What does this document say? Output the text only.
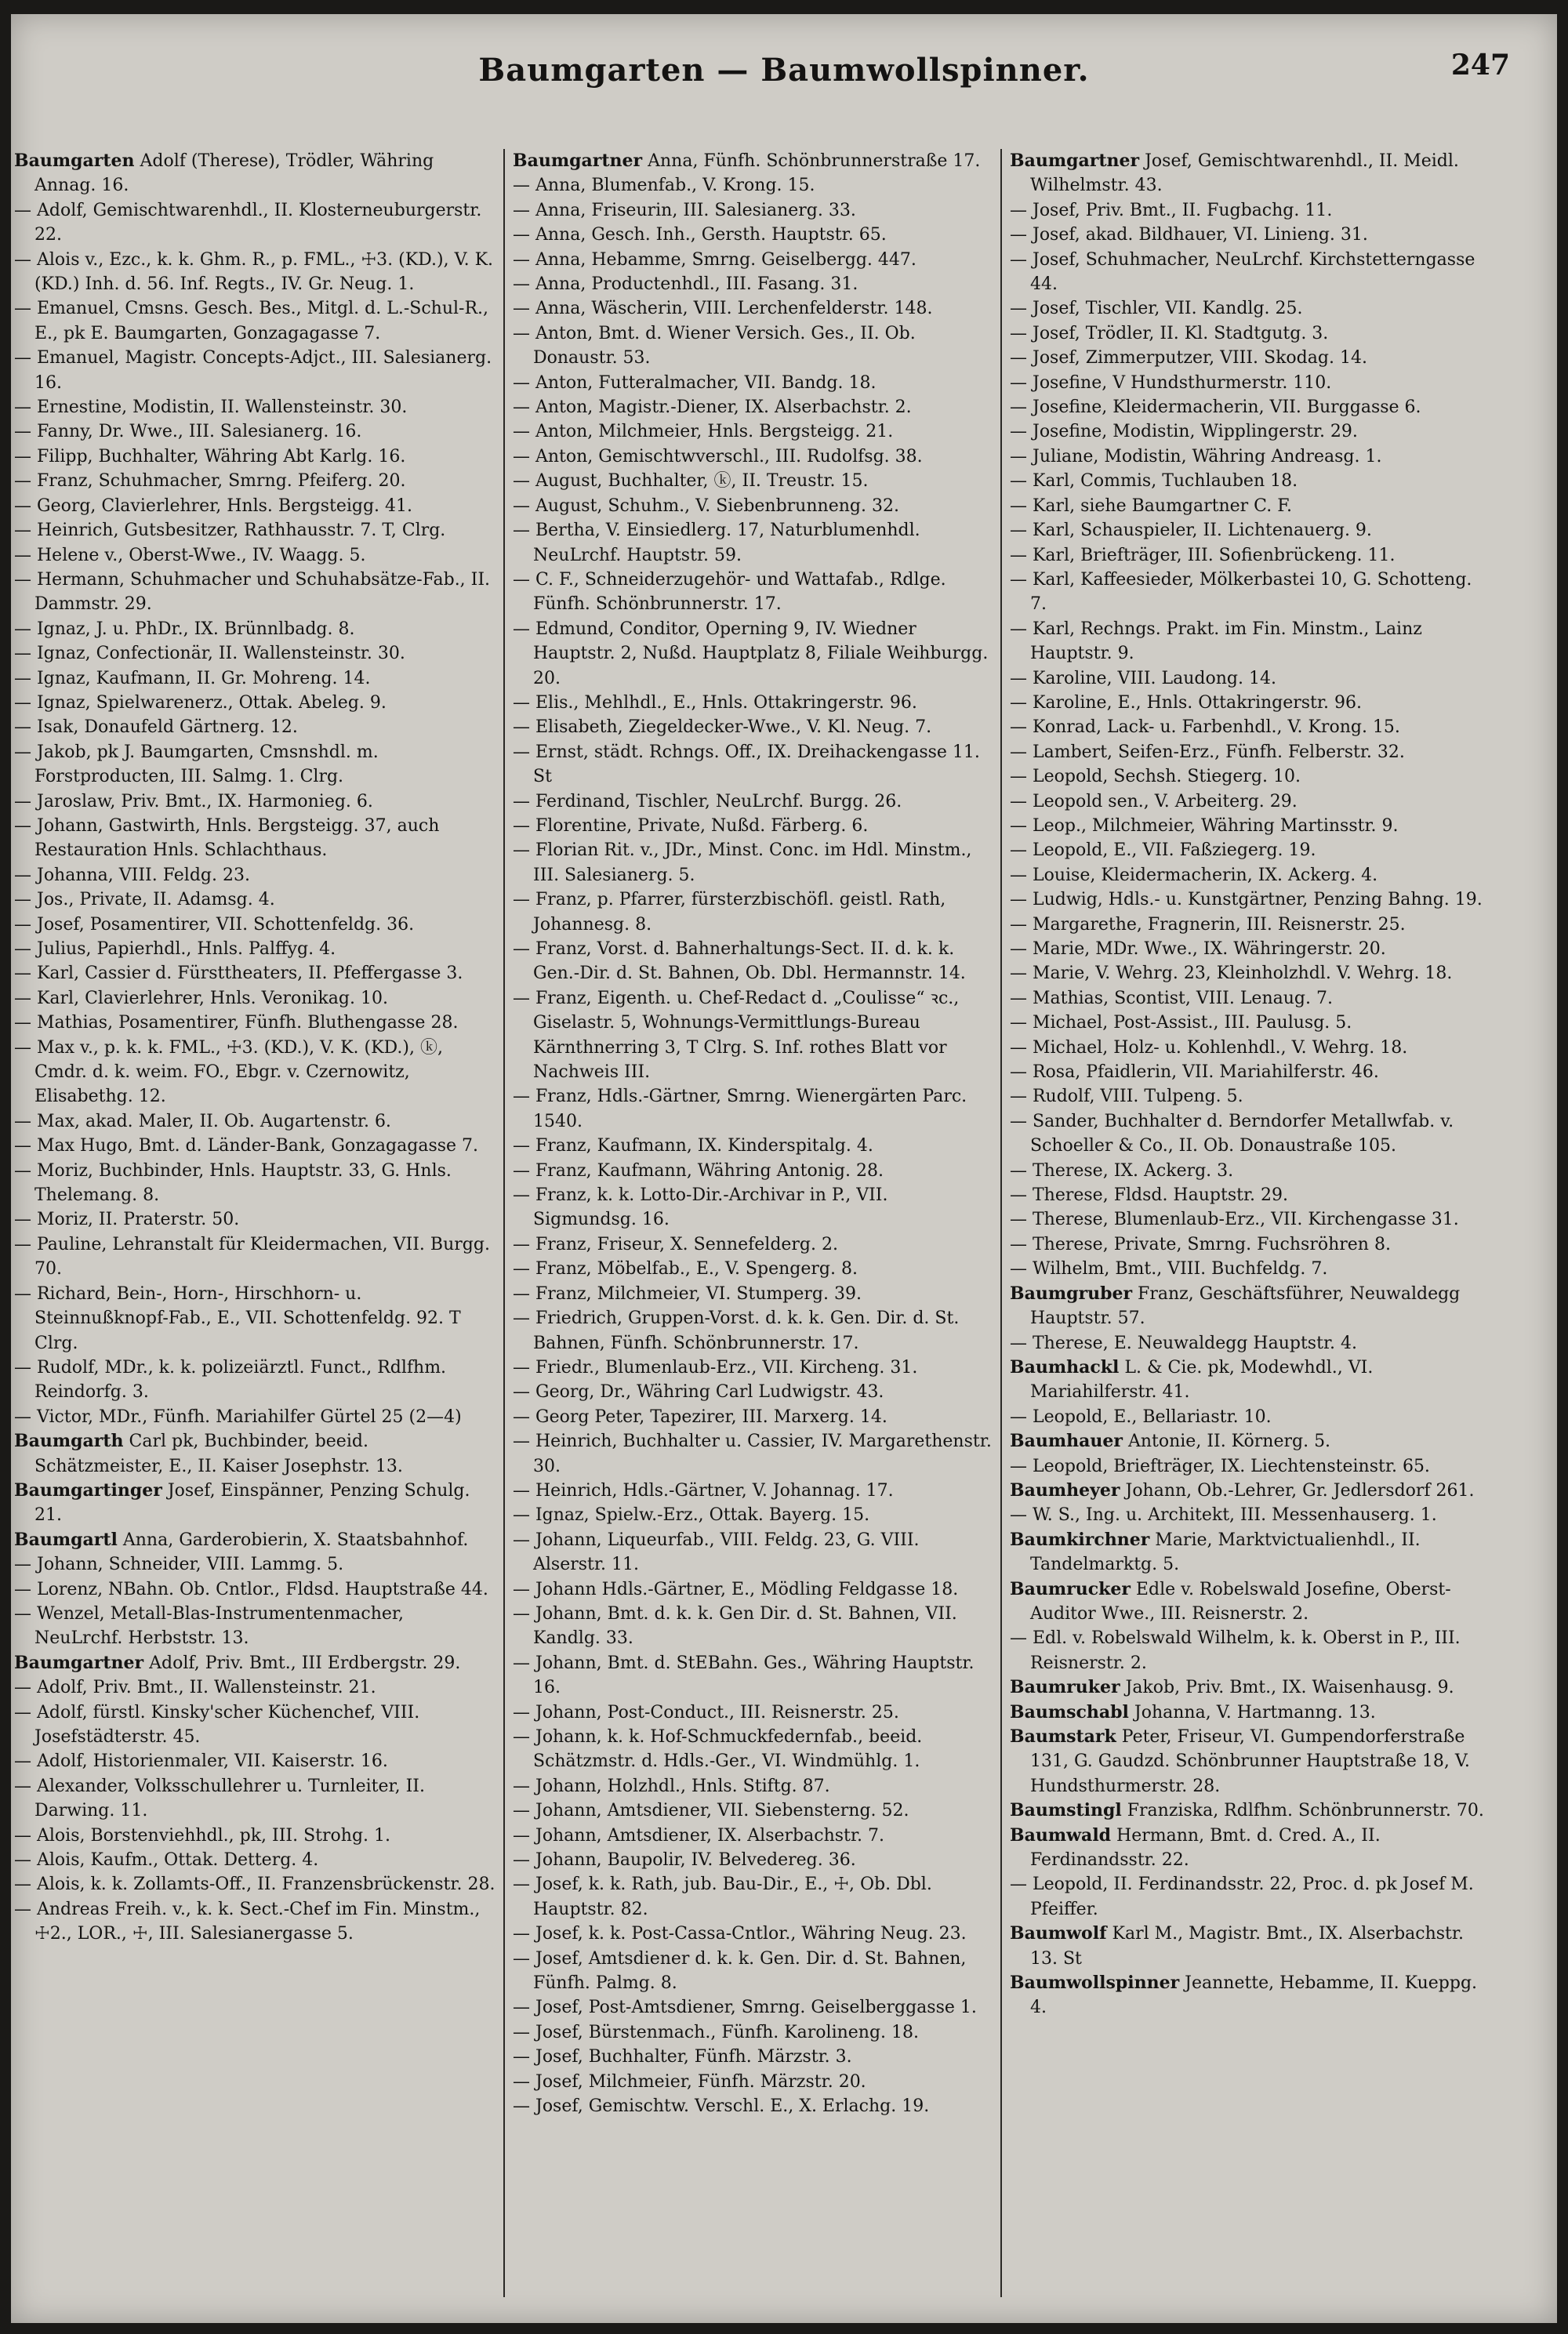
Baumgarten — Baumwollspinner.	247

Baumgarten Adolf (Therese), Trödler, Währing Annag. 16.

— Adolf, Gemischtwarenhdl., II. Klosterneuburgerstr. 22.

— Alois v., Ezc., k. k. Ghm. R., p. FML., ☩3. (KD.), V. K. (KD.) Inh. d. 56. Inf. Regts., IV. Gr. Neug. 1.

— Emanuel, Cmsns. Gesch. Bes., Mitgl. d. L.-Schul-R., E., pk E. Baumgarten, Gonzagagasse 7.

— Emanuel, Magistr. Concepts-Adjct., III. Salesianerg. 16.

— Ernestine, Modistin, II. Wallensteinstr. 30.

— Fanny, Dr. Wwe., III. Salesianerg. 16.

— Filipp, Buchhalter, Währing Abt Karlg. 16.

— Franz, Schuhmacher, Smrng. Pfeiferg. 20.

— Georg, Clavierlehrer, Hnls. Bergsteigg. 41.

— Heinrich, Gutsbesitzer, Rathhausstr. 7. T, Clrg.

— Helene v., Oberst-Wwe., IV. Waagg. 5.

— Hermann, Schuhmacher und Schuhabsätze-Fab., II. Dammstr. 29.

— Ignaz, J. u. PhDr., IX. Brünnlbadg. 8.

— Ignaz, Confectionär, II. Wallensteinstr. 30.

— Ignaz, Kaufmann, II. Gr. Mohreng. 14.

— Ignaz, Spielwarenerz., Ottak. Abeleg. 9.

— Isak, Donaufeld Gärtnerg. 12.

— Jakob, pk J. Baumgarten, Cmsnshdl. m. Forstproducten, III. Salmg. 1. Clrg.

— Jaroslaw, Priv. Bmt., IX. Harmonieg. 6.

— Johann, Gastwirth, Hnls. Bergsteigg. 37, auch Restauration Hnls. Schlachthaus.

— Johanna, VIII. Feldg. 23.

— Jos., Private, II. Adamsg. 4.

— Josef, Posamentirer, VII. Schottenfeldg. 36.

— Julius, Papierhdl., Hnls. Palffyg. 4.

— Karl, Cassier d. Fürsttheaters, II. Pfeffergasse 3.

— Karl, Clavierlehrer, Hnls. Veronikag. 10.

— Mathias, Posamentirer, Fünfh. Bluthengasse 28.

— Max v., p. k. k. FML., ☩3. (KD.), V. K. (KD.), ⓚ, Cmdr. d. k. weim. FO., Ebgr. v. Czernowitz, Elisabethg. 12.

— Max, akad. Maler, II. Ob. Augartenstr. 6.

— Max Hugo, Bmt. d. Länder-Bank, Gonzagagasse 7.

— Moriz, Buchbinder, Hnls. Hauptstr. 33, G. Hnls. Thelemang. 8.

— Moriz, II. Praterstr. 50.

— Pauline, Lehranstalt für Kleidermachen, VII. Burgg. 70.

— Richard, Bein-, Horn-, Hirschhorn- u. Steinnußknopf-Fab., E., VII. Schottenfeldg. 92. T Clrg.

— Rudolf, MDr., k. k. polizeiärztl. Funct., Rdlfhm. Reindorfg. 3.

— Victor, MDr., Fünfh. Mariahilfer Gürtel 25 (2—4)

Baumgarth Carl pk, Buchbinder, beeid. Schätzmeister, E., II. Kaiser Josephstr. 13.

Baumgartinger Josef, Einspänner, Penzing Schulg. 21.

Baumgartl Anna, Garderobierin, X. Staatsbahnhof.

— Johann, Schneider, VIII. Lammg. 5.

— Lorenz, NBahn. Ob. Cntlor., Fldsd. Hauptstraße 44.

— Wenzel, Metall-Blas-Instrumentenmacher, NeuLrchf. Herbststr. 13.

Baumgartner Adolf, Priv. Bmt., III Erdbergstr. 29.

— Adolf, Priv. Bmt., II. Wallensteinstr. 21.

— Adolf, fürstl. Kinsky'scher Küchenchef, VIII. Josefstädterstr. 45.

— Adolf, Historienmaler, VII. Kaiserstr. 16.

— Alexander, Volksschullehrer u. Turnleiter, II. Darwing. 11.

— Alois, Borstenviehhdl., pk, III. Strohg. 1.

— Alois, Kaufm., Ottak. Detterg. 4.

— Alois, k. k. Zollamts-Off., II. Franzensbrückenstr. 28.

— Andreas Freih. v., k. k. Sect.-Chef im Fin. Minstm., ☩2., LOR., ☩, III. Salesianergasse 5.

Baumgartner Anna, Fünfh. Schönbrunnerstraße 17.

— Anna, Blumenfab., V. Krong. 15.

— Anna, Friseurin, III. Salesianerg. 33.

— Anna, Gesch. Inh., Gersth. Hauptstr. 65.

— Anna, Hebamme, Smrng. Geiselbergg. 447.

— Anna, Productenhdl., III. Fasang. 31.

— Anna, Wäscherin, VIII. Lerchenfelderstr. 148.

— Anton, Bmt. d. Wiener Versich. Ges., II. Ob. Donaustr. 53.

— Anton, Futteralmacher, VII. Bandg. 18.

— Anton, Magistr.-Diener, IX. Alserbachstr. 2.

— Anton, Milchmeier, Hnls. Bergsteigg. 21.

— Anton, Gemischtwverschl., III. Rudolfsg. 38.

— August, Buchhalter, ⓚ, II. Treustr. 15.

— August, Schuhm., V. Siebenbrunneng. 32.

— Bertha, V. Einsiedlerg. 17, Naturblumenhdl. NeuLrchf. Hauptstr. 59.

— C. F., Schneiderzugehör- und Wattafab., Rdlge. Fünfh. Schönbrunnerstr. 17.

— Edmund, Conditor, Operning 9, IV. Wiedner Hauptstr. 2, Nußd. Hauptplatz 8, Filiale Weihburgg. 20.

— Elis., Mehlhdl., E., Hnls. Ottakringerstr. 96.

— Elisabeth, Ziegeldecker-Wwe., V. Kl. Neug. 7.

— Ernst, städt. Rchngs. Off., IX. Dreihackengasse 11. St

— Ferdinand, Tischler, NeuLrchf. Burgg. 26.

— Florentine, Private, Nußd. Färberg. 6.

— Florian Rit. v., JDr., Minst. Conc. im Hdl. Minstm., III. Salesianerg. 5.

— Franz, p. Pfarrer, fürsterzbischöfl. geistl. Rath, Johannesg. 8.

— Franz, Vorst. d. Bahnerhaltungs-Sect. II. d. k. k. Gen.-Dir. d. St. Bahnen, Ob. Dbl. Hermannstr. 14.

— Franz, Eigenth. u. Chef-Redact d. „Coulisse“ ꝛc., Giselastr. 5, Wohnungs-Vermittlungs-Bureau Kärnthnerring 3, T Clrg. S. Inf. rothes Blatt vor Nachweis III.

— Franz, Hdls.-Gärtner, Smrng. Wienergärten Parc. 1540.

— Franz, Kaufmann, IX. Kinderspitalg. 4.

— Franz, Kaufmann, Währing Antonig. 28.

— Franz, k. k. Lotto-Dir.-Archivar in P., VII. Sigmundsg. 16.

— Franz, Friseur, X. Sennefelderg. 2.

— Franz, Möbelfab., E., V. Spengerg. 8.

— Franz, Milchmeier, VI. Stumperg. 39.

— Friedrich, Gruppen-Vorst. d. k. k. Gen. Dir. d. St. Bahnen, Fünfh. Schönbrunnerstr. 17.

— Friedr., Blumenlaub-Erz., VII. Kircheng. 31.

— Georg, Dr., Währing Carl Ludwigstr. 43.

— Georg Peter, Tapezirer, III. Marxerg. 14.

— Heinrich, Buchhalter u. Cassier, IV. Margarethenstr. 30.

— Heinrich, Hdls.-Gärtner, V. Johannag. 17.

— Ignaz, Spielw.-Erz., Ottak. Bayerg. 15.

— Johann, Liqueurfab., VIII. Feldg. 23, G. VIII. Alserstr. 11.

— Johann Hdls.-Gärtner, E., Mödling Feldgasse 18.

— Johann, Bmt. d. k. k. Gen Dir. d. St. Bahnen, VII. Kandlg. 33.

— Johann, Bmt. d. StEBahn. Ges., Währing Hauptstr. 16.

— Johann, Post-Conduct., III. Reisnerstr. 25.

— Johann, k. k. Hof-Schmuckfedernfab., beeid. Schätzmstr. d. Hdls.-Ger., VI. Windmühlg. 1.

— Johann, Holzhdl., Hnls. Stiftg. 87.

— Johann, Amtsdiener, VII. Siebensterng. 52.

— Johann, Amtsdiener, IX. Alserbachstr. 7.

— Johann, Baupolir, IV. Belvedereg. 36.

— Josef, k. k. Rath, jub. Bau-Dir., E., ☩, Ob. Dbl. Hauptstr. 82.

— Josef, k. k. Post-Cassa-Cntlor., Währing Neug. 23.

— Josef, Amtsdiener d. k. k. Gen. Dir. d. St. Bahnen, Fünfh. Palmg. 8.

— Josef, Post-Amtsdiener, Smrng. Geiselberggasse 1.

— Josef, Bürstenmach., Fünfh. Karolineng. 18.

— Josef, Buchhalter, Fünfh. Märzstr. 3.

— Josef, Milchmeier, Fünfh. Märzstr. 20.

— Josef, Gemischtw. Verschl. E., X. Erlachg. 19.

Baumgartner Josef, Gemischtwarenhdl., II. Meidl. Wilhelmstr. 43.

— Josef, Priv. Bmt., II. Fugbachg. 11.

— Josef, akad. Bildhauer, VI. Linieng. 31.

— Josef, Schuhmacher, NeuLrchf. Kirchstetterngasse 44.

— Josef, Tischler, VII. Kandlg. 25.

— Josef, Trödler, II. Kl. Stadtgutg. 3.

— Josef, Zimmerputzer, VIII. Skodag. 14.

— Josefine, V Hundsthurmerstr. 110.

— Josefine, Kleidermacherin, VII. Burggasse 6.

— Josefine, Modistin, Wipplingerstr. 29.

— Juliane, Modistin, Währing Andreasg. 1.

— Karl, Commis, Tuchlauben 18.

— Karl, siehe Baumgartner C. F.

— Karl, Schauspieler, II. Lichtenauerg. 9.

— Karl, Briefträger, III. Sofienbrückeng. 11.

— Karl, Kaffeesieder, Mölkerbastei 10, G. Schotteng. 7.

— Karl, Rechngs. Prakt. im Fin. Minstm., Lainz Hauptstr. 9.

— Karoline, VIII. Laudong. 14.

— Karoline, E., Hnls. Ottakringerstr. 96.

— Konrad, Lack- u. Farbenhdl., V. Krong. 15.

— Lambert, Seifen-Erz., Fünfh. Felberstr. 32.

— Leopold, Sechsh. Stiegerg. 10.

— Leopold sen., V. Arbeiterg. 29.

— Leop., Milchmeier, Währing Martinsstr. 9.

— Leopold, E., VII. Faßziegerg. 19.

— Louise, Kleidermacherin, IX. Ackerg. 4.

— Ludwig, Hdls.- u. Kunstgärtner, Penzing Bahng. 19.

— Margarethe, Fragnerin, III. Reisnerstr. 25.

— Marie, MDr. Wwe., IX. Währingerstr. 20.

— Marie, V. Wehrg. 23, Kleinholzhdl. V. Wehrg. 18.

— Mathias, Scontist, VIII. Lenaug. 7.

— Michael, Post-Assist., III. Paulusg. 5.

— Michael, Holz- u. Kohlenhdl., V. Wehrg. 18.

— Rosa, Pfaidlerin, VII. Mariahilferstr. 46.

— Rudolf, VIII. Tulpeng. 5.

— Sander, Buchhalter d. Berndorfer Metallwfab. v. Schoeller & Co., II. Ob. Donaustraße 105.

— Therese, IX. Ackerg. 3.

— Therese, Fldsd. Hauptstr. 29.

— Therese, Blumenlaub-Erz., VII. Kirchengasse 31.

— Therese, Private, Smrng. Fuchsröhren 8.

— Wilhelm, Bmt., VIII. Buchfeldg. 7.

Baumgruber Franz, Geschäftsführer, Neuwaldegg Hauptstr. 57.

— Therese, E. Neuwaldegg Hauptstr. 4.

Baumhackl L. & Cie. pk, Modewhdl., VI. Mariahilferstr. 41.

— Leopold, E., Bellariastr. 10.

Baumhauer Antonie, II. Körnerg. 5.

— Leopold, Briefträger, IX. Liechtensteinstr. 65.

Baumheyer Johann, Ob.-Lehrer, Gr. Jedlersdorf 261.

— W. S., Ing. u. Architekt, III. Messenhauserg. 1.

Baumkirchner Marie, Marktvictualienhdl., II. Tandelmarktg. 5.

Baumrucker Edle v. Robelswald Josefine, Oberst-Auditor Wwe., III. Reisnerstr. 2.

— Edl. v. Robelswald Wilhelm, k. k. Oberst in P., III. Reisnerstr. 2.

Baumruker Jakob, Priv. Bmt., IX. Waisenhausg. 9.

Baumschabl Johanna, V. Hartmanng. 13.

Baumstark Peter, Friseur, VI. Gumpendorferstraße 131, G. Gaudzd. Schönbrunner Hauptstraße 18, V. Hundsthurmerstr. 28.

Baumstingl Franziska, Rdlfhm. Schönbrunnerstr. 70.

Baumwald Hermann, Bmt. d. Cred. A., II. Ferdinandsstr. 22.

— Leopold, II. Ferdinandsstr. 22, Proc. d. pk Josef M. Pfeiffer.

Baumwolf Karl M., Magistr. Bmt., IX. Alserbachstr. 13. St

Baumwollspinner Jeannette, Hebamme, II. Kueppg. 4.
